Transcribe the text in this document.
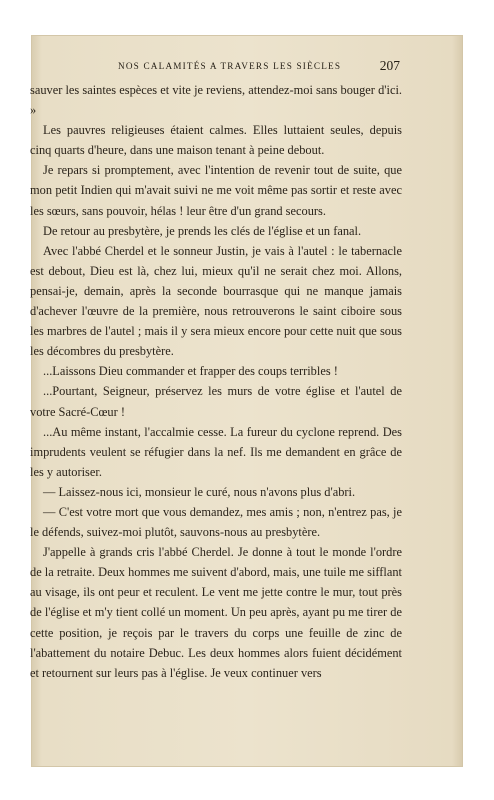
NOS CALAMITÉS A TRAVERS LES SIÈCLES	207

sauver les saintes espèces et vite je reviens, attendez-moi sans bouger d'ici. »

Les pauvres religieuses étaient calmes. Elles luttaient seules, depuis cinq quarts d'heure, dans une maison tenant à peine debout.

Je repars si promptement, avec l'intention de revenir tout de suite, que mon petit Indien qui m'avait suivi ne me voit même pas sortir et reste avec les sœurs, sans pouvoir, hélas ! leur être d'un grand secours.

De retour au presbytère, je prends les clés de l'église et un fanal.

Avec l'abbé Cherdel et le sonneur Justin, je vais à l'autel : le tabernacle est debout, Dieu est là, chez lui, mieux qu'il ne serait chez moi. Allons, pensai-je, demain, après la seconde bourrasque qui ne manque jamais d'achever l'œuvre de la première, nous retrouverons le saint ciboire sous les marbres de l'autel ; mais il y sera mieux encore pour cette nuit que sous les décombres du presbytère.

...Laissons Dieu commander et frapper des coups terribles !

...Pourtant, Seigneur, préservez les murs de votre église et l'autel de votre Sacré-Cœur !

...Au même instant, l'accalmie cesse. La fureur du cyclone reprend. Des imprudents veulent se réfugier dans la nef. Ils me demandent en grâce de les y autoriser.

— Laissez-nous ici, monsieur le curé, nous n'avons plus d'abri.

— C'est votre mort que vous demandez, mes amis ; non, n'entrez pas, je le défends, suivez-moi plutôt, sauvons-nous au presbytère.

J'appelle à grands cris l'abbé Cherdel. Je donne à tout le monde l'ordre de la retraite. Deux hommes me suivent d'abord, mais, une tuile me sifflant au visage, ils ont peur et reculent. Le vent me jette contre le mur, tout près de l'église et m'y tient collé un moment. Un peu après, ayant pu me tirer de cette position, je reçois par le travers du corps une feuille de zinc de l'abattement du notaire Debuc. Les deux hommes alors fuient décidément et retournent sur leurs pas à l'église. Je veux continuer vers
